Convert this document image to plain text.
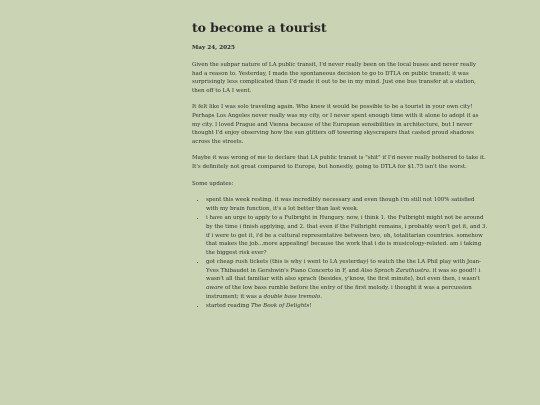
to become a tourist
May 24, 2025

Given the subpar nature of LA public transit, I'd never really been on the local buses and never really had a reason to. Yesterday, I made the spontaneous decision to go to DTLA on public transit; it was surprisingly less complicated than I'd made it out to be in my mind. Just one bus transfer at a station, then off to LA I went.

It felt like I was solo traveling again. Who knew it would be possible to be a tourist in your own city! Perhaps Los Angeles never really was my city, or I never spent enough time with it alone to adopt it as my city. I loved Prague and Vienna because of the European sensibilities in architecture, but I never thought I'd enjoy observing how the sun glitters off towering skyscrapers that casted proud shadows across the streets.

Maybe it was wrong of me to declare that LA public transit is "shit" if I'd never really bothered to take it. It's definitely not great compared to Europe, but honestly, going to DTLA for $1.75 isn't the worst.

Some updates:

• spent this week resting. it was incredibly necessary and even though i'm still not 100% satisfied with my brain function, it's a lot better than last week.
• i have an urge to apply to a Fulbright in Hungary. now, i think 1. the Fulbright might not be around by the time i finish applying, and 2. that even if the Fulbright remains, i probably won't get it, and 3. if i were to get it, i'd be a cultural representative between two, uh, totalitarian countries. somehow that makes the job...more appealing! because the work that i do is musicology-related. am i taking the biggest risk ever?
• got cheap rush tickets (this is why i went to LA yesterday) to watch the the LA Phil play with Jean-Yves Thibaudet in Gershwin's Piano Concerto in F, and Also Sprach Zarathustra. it was so good!! i wasn't all that familiar with also sprach (besides, y'know, the first minute), but even then, i wasn't aware of the low bass rumble before the entry of the first melody. i thought it was a percussion instrument; it was a double bass tremolo.
• started reading The Book of Delights!
